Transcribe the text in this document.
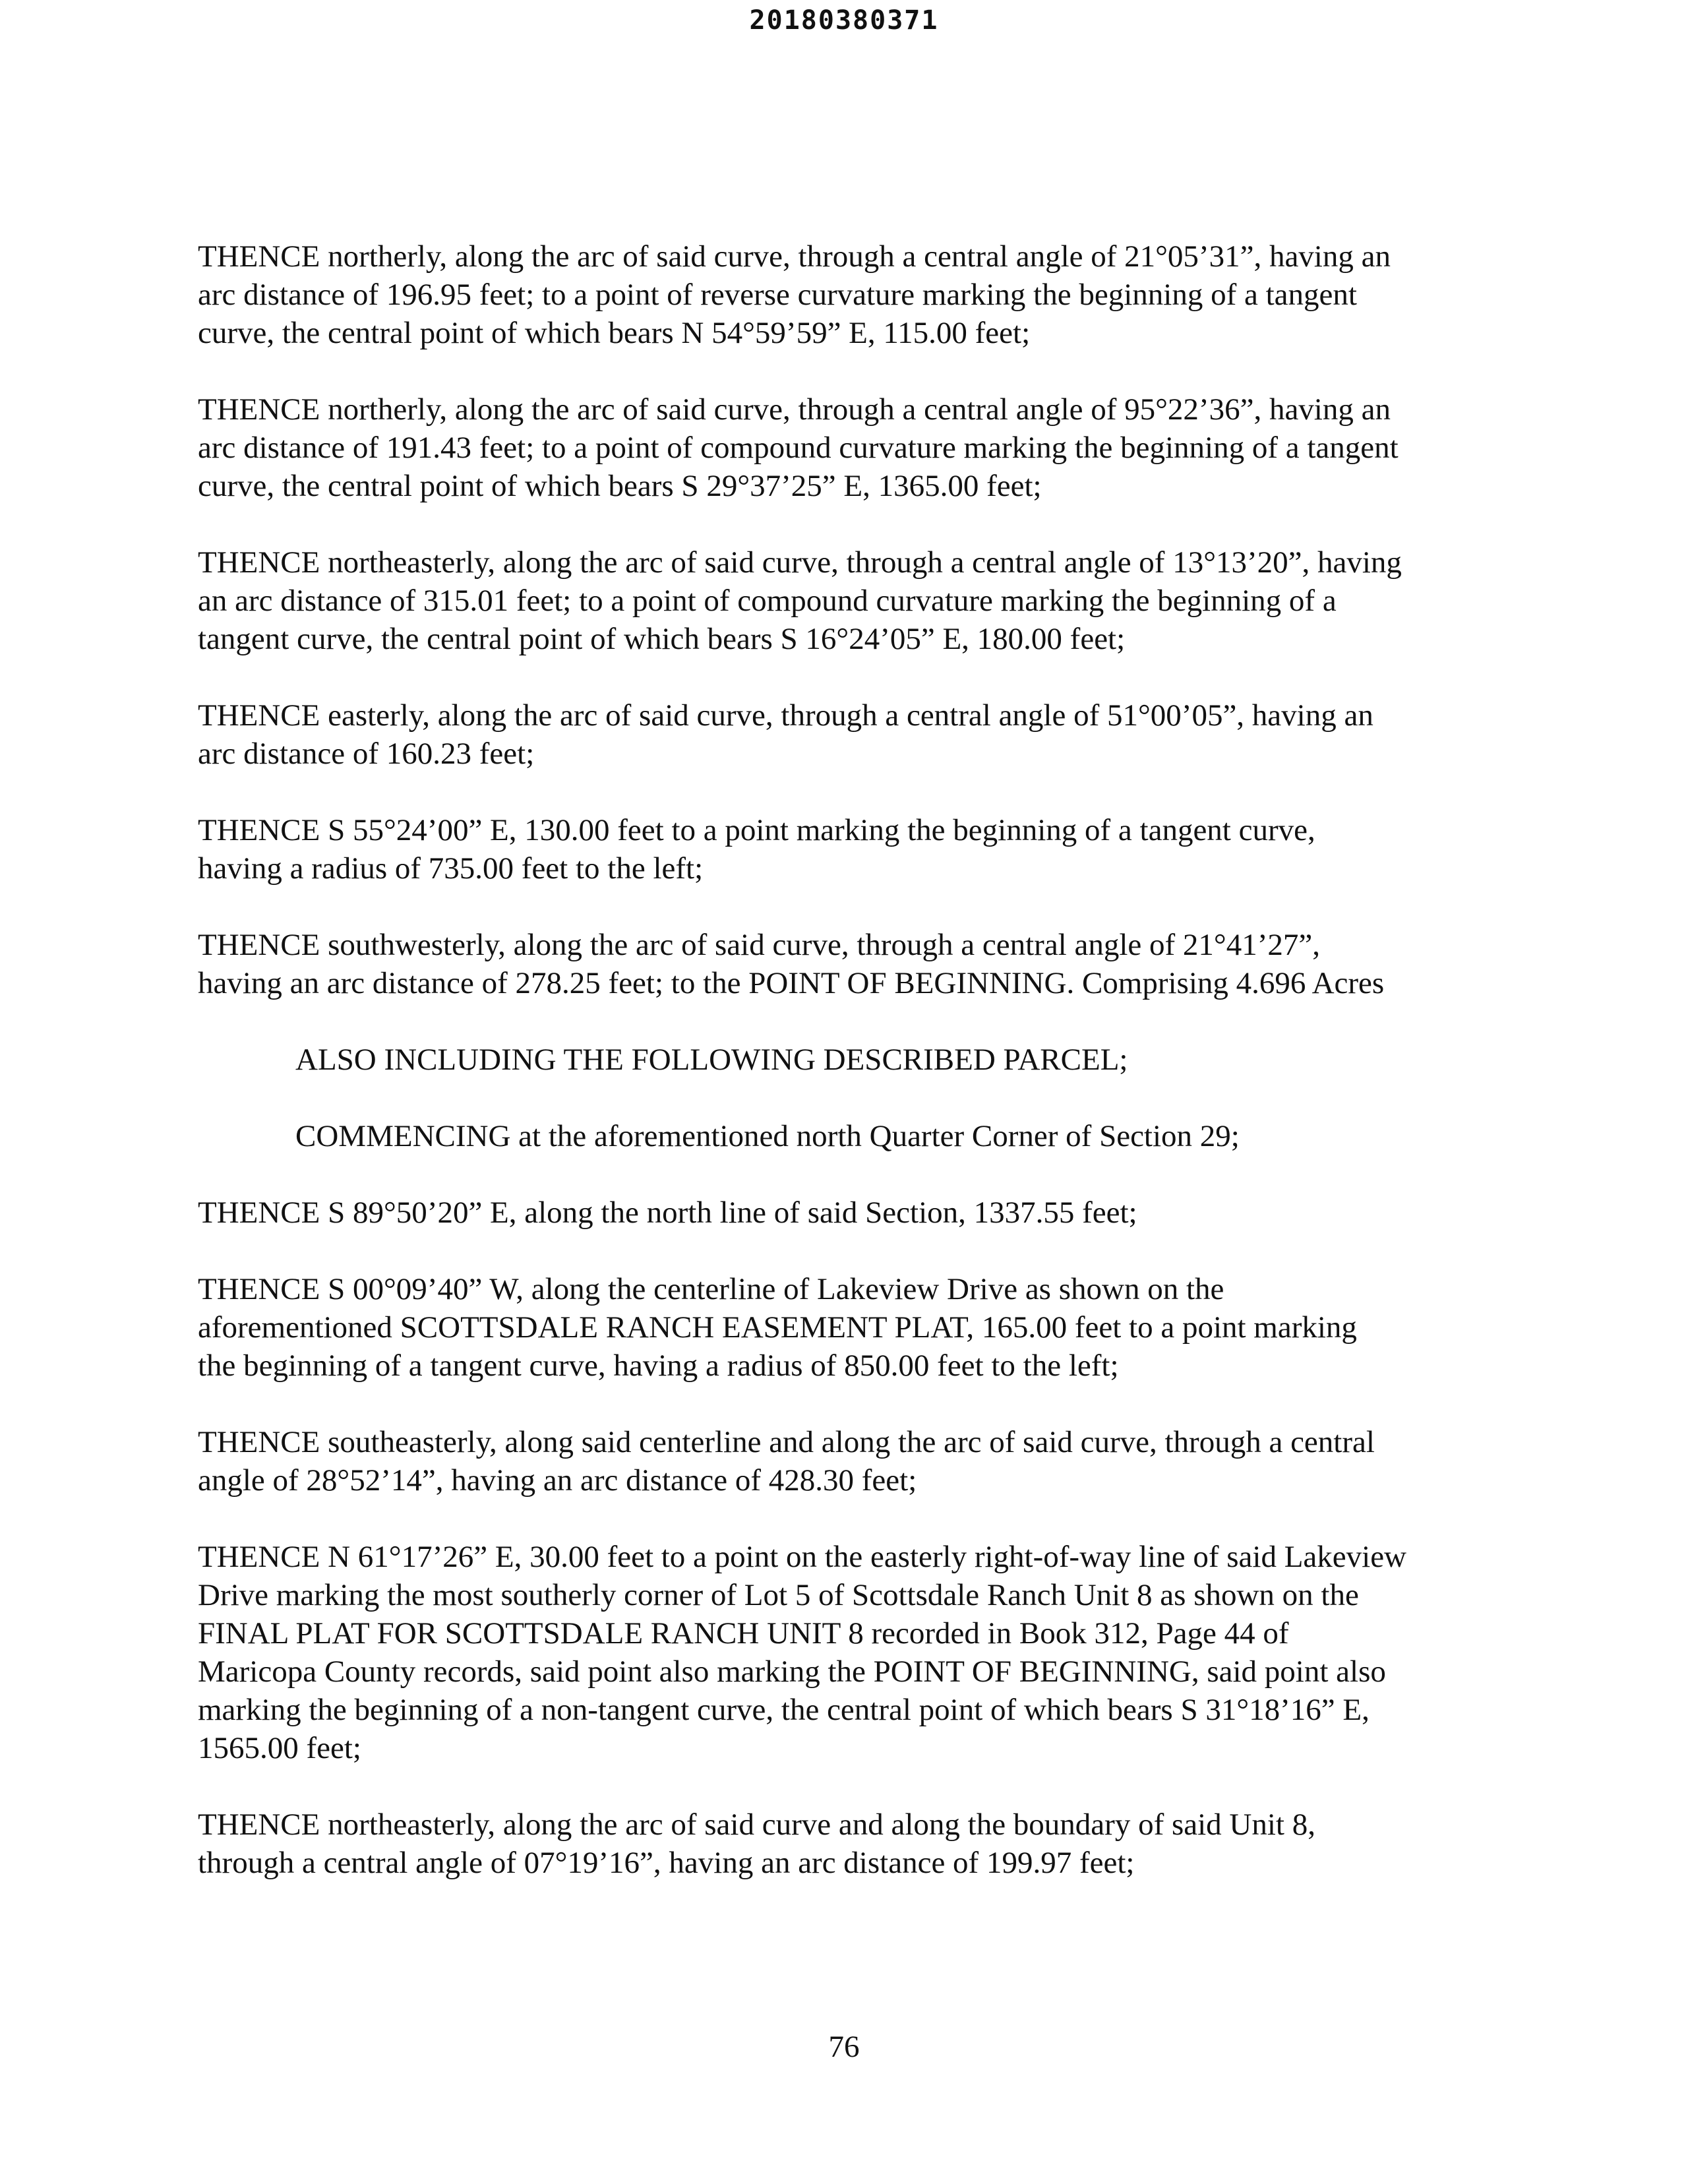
20180380371

THENCE northerly, along the arc of said curve, through a central angle of 21°05’31”, having an
arc distance of 196.95 feet; to a point of reverse curvature marking the beginning of a tangent
curve, the central point of which bears N 54°59’59” E, 115.00 feet;

THENCE northerly, along the arc of said curve, through a central angle of 95°22’36”, having an
arc distance of 191.43 feet; to a point of compound curvature marking the beginning of a tangent
curve, the central point of which bears S 29°37’25” E, 1365.00 feet;

THENCE northeasterly, along the arc of said curve, through a central angle of 13°13’20”, having
an arc distance of 315.01 feet; to a point of compound curvature marking the beginning of a
tangent curve, the central point of which bears S 16°24’05” E, 180.00 feet;

THENCE easterly, along the arc of said curve, through a central angle of 51°00’05”, having an
arc distance of 160.23 feet;

THENCE S 55°24’00” E, 130.00 feet to a point marking the beginning of a tangent curve,
having a radius of 735.00 feet to the left;

THENCE southwesterly, along the arc of said curve, through a central angle of 21°41’27”,
having an arc distance of 278.25 feet; to the POINT OF BEGINNING. Comprising 4.696 Acres

ALSO INCLUDING THE FOLLOWING DESCRIBED PARCEL;

COMMENCING at the aforementioned north Quarter Corner of Section 29;

THENCE S 89°50’20” E, along the north line of said Section, 1337.55 feet;

THENCE S 00°09’40” W, along the centerline of Lakeview Drive as shown on the
aforementioned SCOTTSDALE RANCH EASEMENT PLAT, 165.00 feet to a point marking
the beginning of a tangent curve, having a radius of 850.00 feet to the left;

THENCE southeasterly, along said centerline and along the arc of said curve, through a central
angle of 28°52’14”, having an arc distance of 428.30 feet;

THENCE N 61°17’26” E, 30.00 feet to a point on the easterly right-of-way line of said Lakeview
Drive marking the most southerly corner of Lot 5 of Scottsdale Ranch Unit 8 as shown on the
FINAL PLAT FOR SCOTTSDALE RANCH UNIT 8 recorded in Book 312, Page 44 of
Maricopa County records, said point also marking the POINT OF BEGINNING, said point also
marking the beginning of a non-tangent curve, the central point of which bears S 31°18’16” E,
1565.00 feet;

THENCE northeasterly, along the arc of said curve and along the boundary of said Unit 8,
through a central angle of 07°19’16”, having an arc distance of 199.97 feet;

76
